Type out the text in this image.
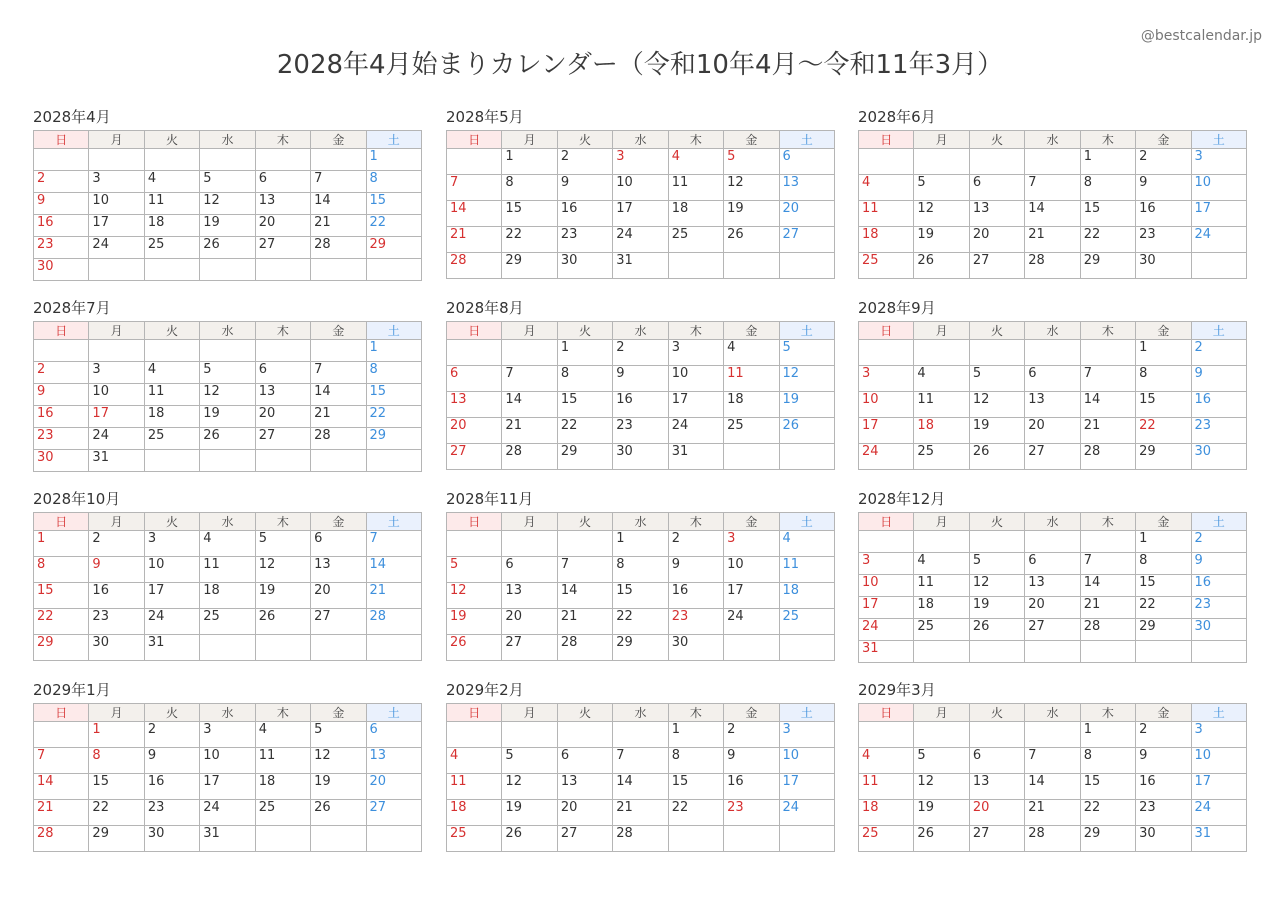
2028年4月始まりカレンダー（令和10年4月〜令和11年3月）
@bestcalendar.jp
2028年4月
日	月	火	水	木	金	土
						1
2	3	4	5	6	7	8
9	10	11	12	13	14	15
16	17	18	19	20	21	22
23	24	25	26	27	28	29
30						
2028年5月
日	月	火	水	木	金	土
	1	2	3	4	5	6
7	8	9	10	11	12	13
14	15	16	17	18	19	20
21	22	23	24	25	26	27
28	29	30	31			
2028年6月
日	月	火	水	木	金	土
				1	2	3
4	5	6	7	8	9	10
11	12	13	14	15	16	17
18	19	20	21	22	23	24
25	26	27	28	29	30	
2028年7月
日	月	火	水	木	金	土
						1
2	3	4	5	6	7	8
9	10	11	12	13	14	15
16	17	18	19	20	21	22
23	24	25	26	27	28	29
30	31					
2028年8月
日	月	火	水	木	金	土
		1	2	3	4	5
6	7	8	9	10	11	12
13	14	15	16	17	18	19
20	21	22	23	24	25	26
27	28	29	30	31		
2028年9月
日	月	火	水	木	金	土
					1	2
3	4	5	6	7	8	9
10	11	12	13	14	15	16
17	18	19	20	21	22	23
24	25	26	27	28	29	30
2028年10月
日	月	火	水	木	金	土
1	2	3	4	5	6	7
8	9	10	11	12	13	14
15	16	17	18	19	20	21
22	23	24	25	26	27	28
29	30	31				
2028年11月
日	月	火	水	木	金	土
			1	2	3	4
5	6	7	8	9	10	11
12	13	14	15	16	17	18
19	20	21	22	23	24	25
26	27	28	29	30		
2028年12月
日	月	火	水	木	金	土
					1	2
3	4	5	6	7	8	9
10	11	12	13	14	15	16
17	18	19	20	21	22	23
24	25	26	27	28	29	30
31						
2029年1月
日	月	火	水	木	金	土
	1	2	3	4	5	6
7	8	9	10	11	12	13
14	15	16	17	18	19	20
21	22	23	24	25	26	27
28	29	30	31			
2029年2月
日	月	火	水	木	金	土
				1	2	3
4	5	6	7	8	9	10
11	12	13	14	15	16	17
18	19	20	21	22	23	24
25	26	27	28			
2029年3月
日	月	火	水	木	金	土
				1	2	3
4	5	6	7	8	9	10
11	12	13	14	15	16	17
18	19	20	21	22	23	24
25	26	27	28	29	30	31
